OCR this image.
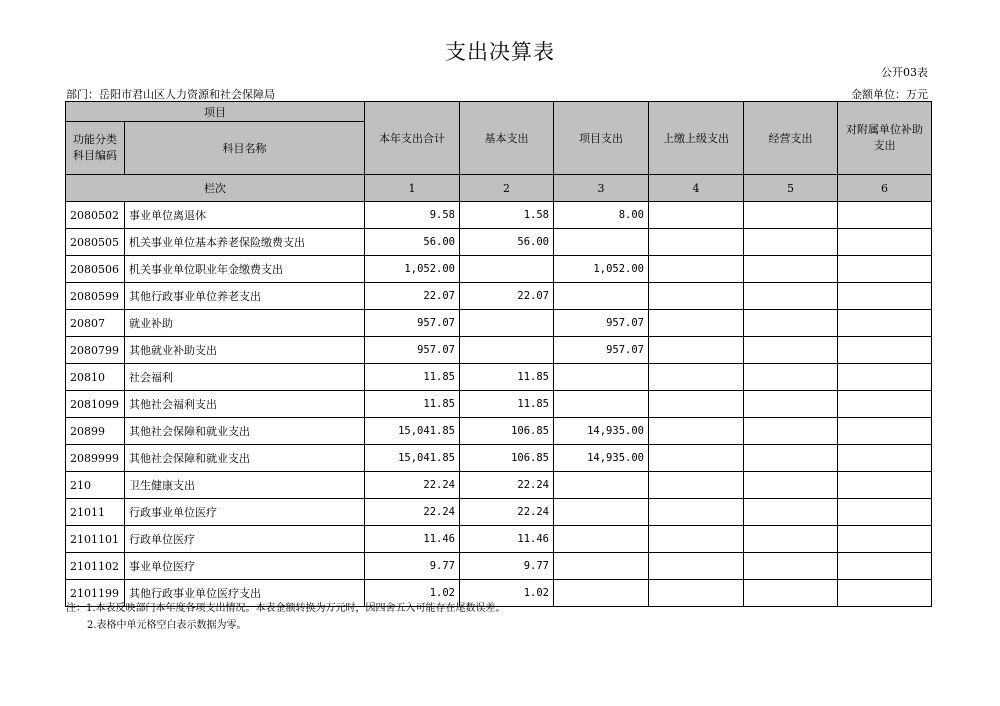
支出决算表
公开03表
部门：岳阳市君山区人力资源和社会保障局	金额单位：万元
项目		本年支出合计	基本支出	项目支出	上缴上级支出	经营支出	对附属单位补助支出
功能分类科目编码	科目名称						
栏次		1	2	3	4	5	6
2080502	事业单位离退休	9.58	1.58	8.00			
2080505	机关事业单位基本养老保险缴费支出	56.00	56.00				
2080506	机关事业单位职业年金缴费支出	1,052.00		1,052.00			
2080599	其他行政事业单位养老支出	22.07	22.07				
20807	就业补助	957.07		957.07			
2080799	其他就业补助支出	957.07		957.07			
20810	社会福利	11.85	11.85				
2081099	其他社会福利支出	11.85	11.85				
20899	其他社会保障和就业支出	15,041.85	106.85	14,935.00			
2089999	其他社会保障和就业支出	15,041.85	106.85	14,935.00			
210	卫生健康支出	22.24	22.24				
21011	行政事业单位医疗	22.24	22.24				
2101101	行政单位医疗	11.46	11.46				
2101102	事业单位医疗	9.77	9.77				
2101199	其他行政事业单位医疗支出	1.02	1.02				
注：1.本表反映部门本年度各项支出情况。本表金额转换为万元时，因四舍五入可能存在尾数误差。
2.表格中单元格空白表示数据为零。
